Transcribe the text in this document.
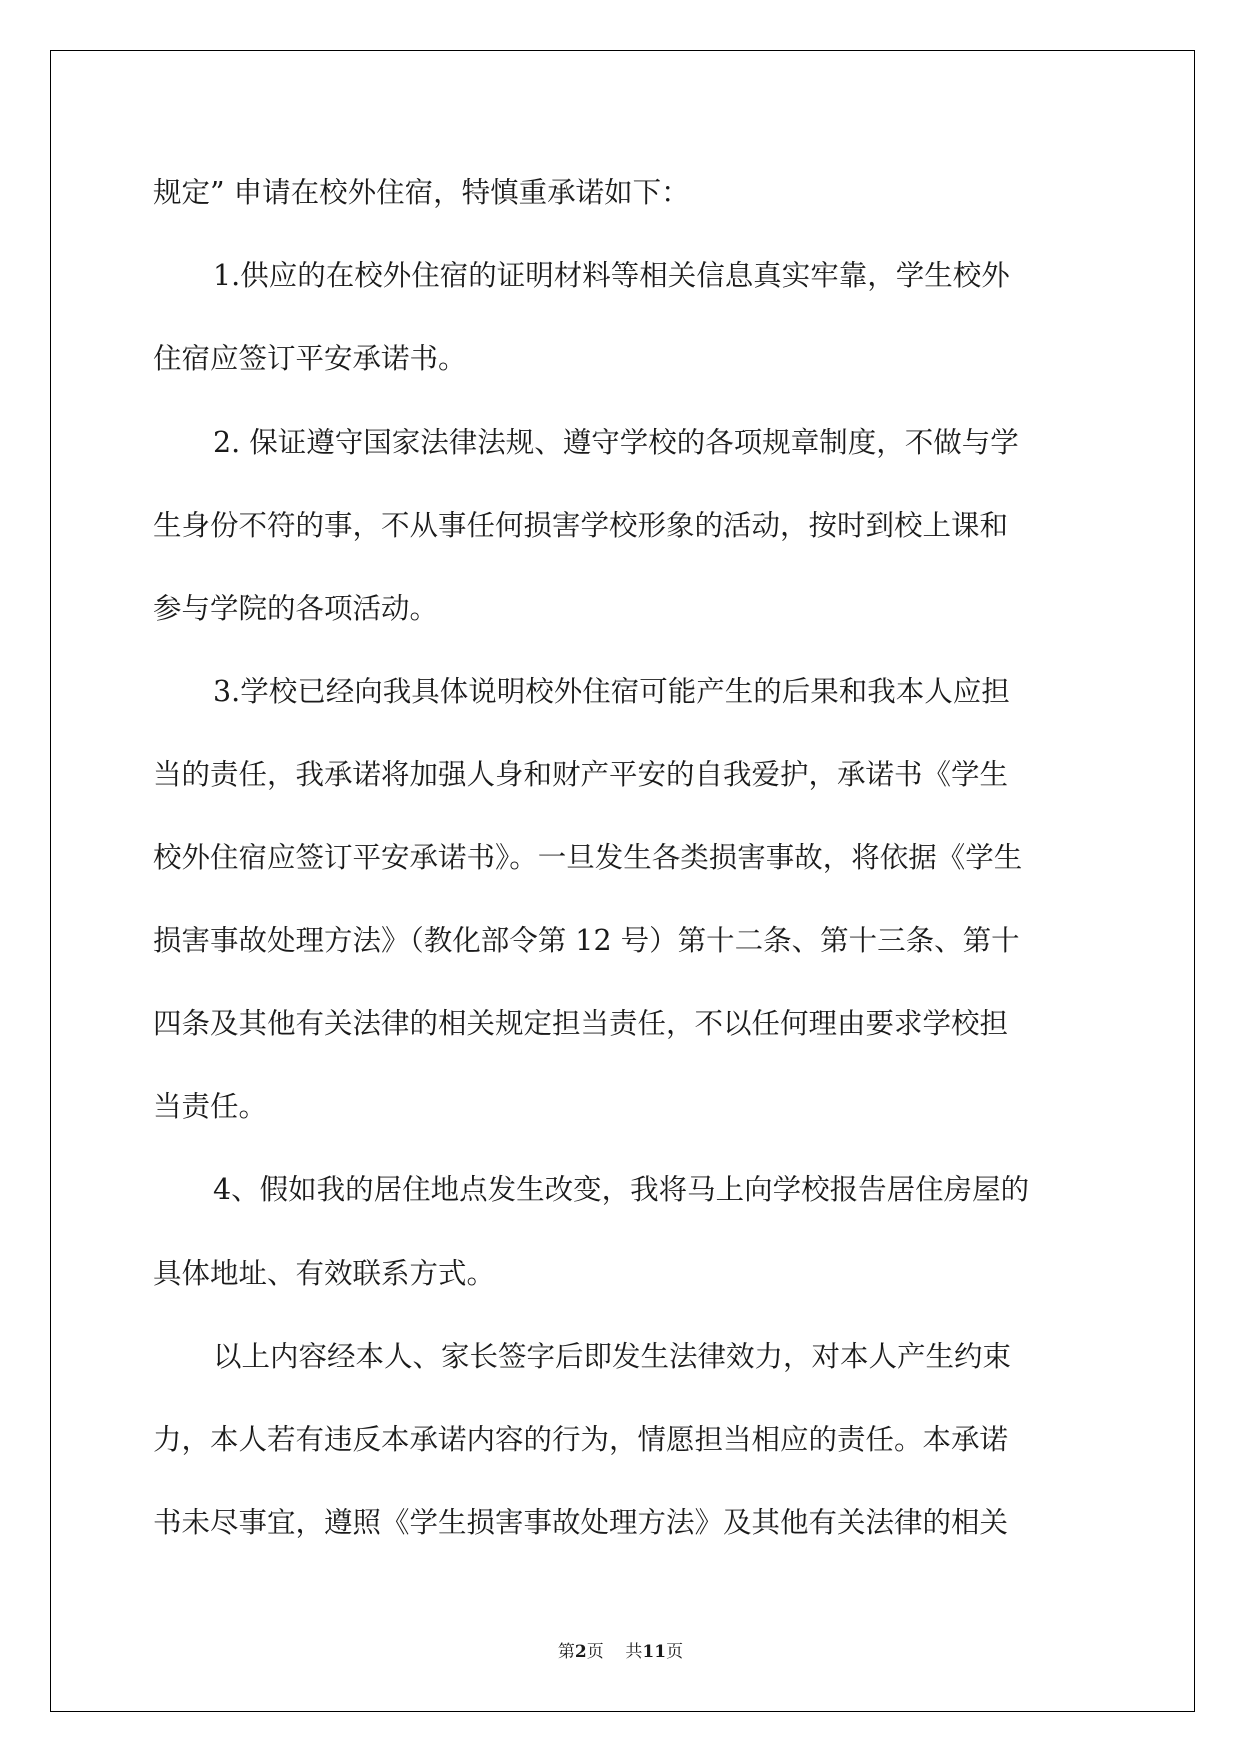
规定” 申请在校外住宿，特慎重承诺如下：

1.供应的在校外住宿的证明材料等相关信息真实牢靠，学生校外

住宿应签订平安承诺书。

2. 保证遵守国家法律法规、遵守学校的各项规章制度，不做与学

生身份不符的事，不从事任何损害学校形象的活动，按时到校上课和

参与学院的各项活动。

3.学校已经向我具体说明校外住宿可能产生的后果和我本人应担

当的责任，我承诺将加强人身和财产平安的自我爱护，承诺书《学生

校外住宿应签订平安承诺书》。一旦发生各类损害事故，将依据《学生

损害事故处理方法》（教化部令第 12 号）第十二条、第十三条、第十

四条及其他有关法律的相关规定担当责任，不以任何理由要求学校担

当责任。

4、假如我的居住地点发生改变，我将马上向学校报告居住房屋的

具体地址、有效联系方式。

以上内容经本人、家长签字后即发生法律效力，对本人产生约束

力，本人若有违反本承诺内容的行为，情愿担当相应的责任。本承诺

书未尽事宜，遵照《学生损害事故处理方法》及其他有关法律的相关

第2页 共11页
